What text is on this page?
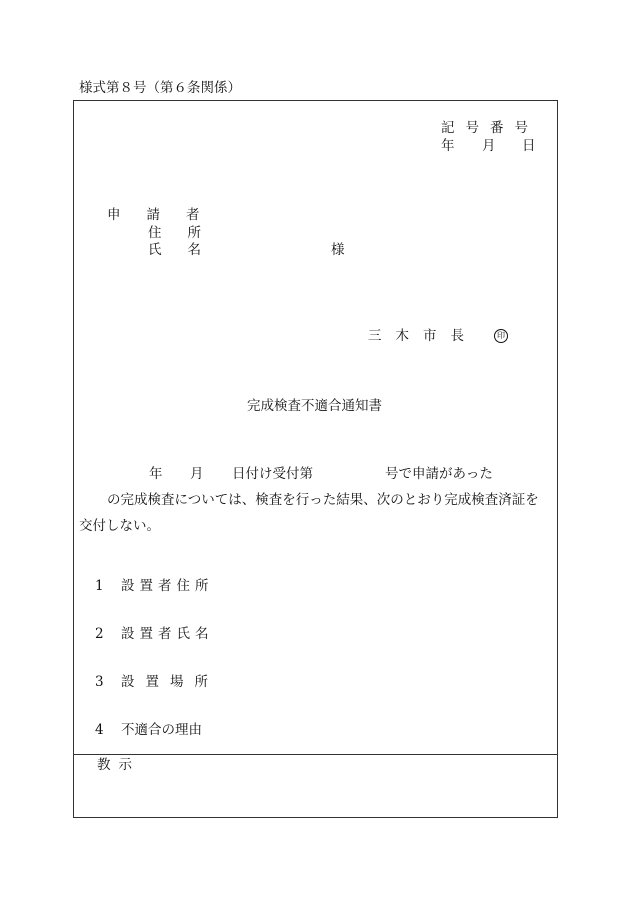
様式第８号（第６条関係）
記号番号
年 月 日
申請者
住所
氏名	様
三木市長	印
完成検査不適合通知書
年 月 日付け受付第	号で申請があった
の完成検査については、検査を行った結果、次のとおり完成検査済証を
交付しない。
1 設置者住所
2 設置者氏名
3 設置場所
4 不適合の理由
教示
